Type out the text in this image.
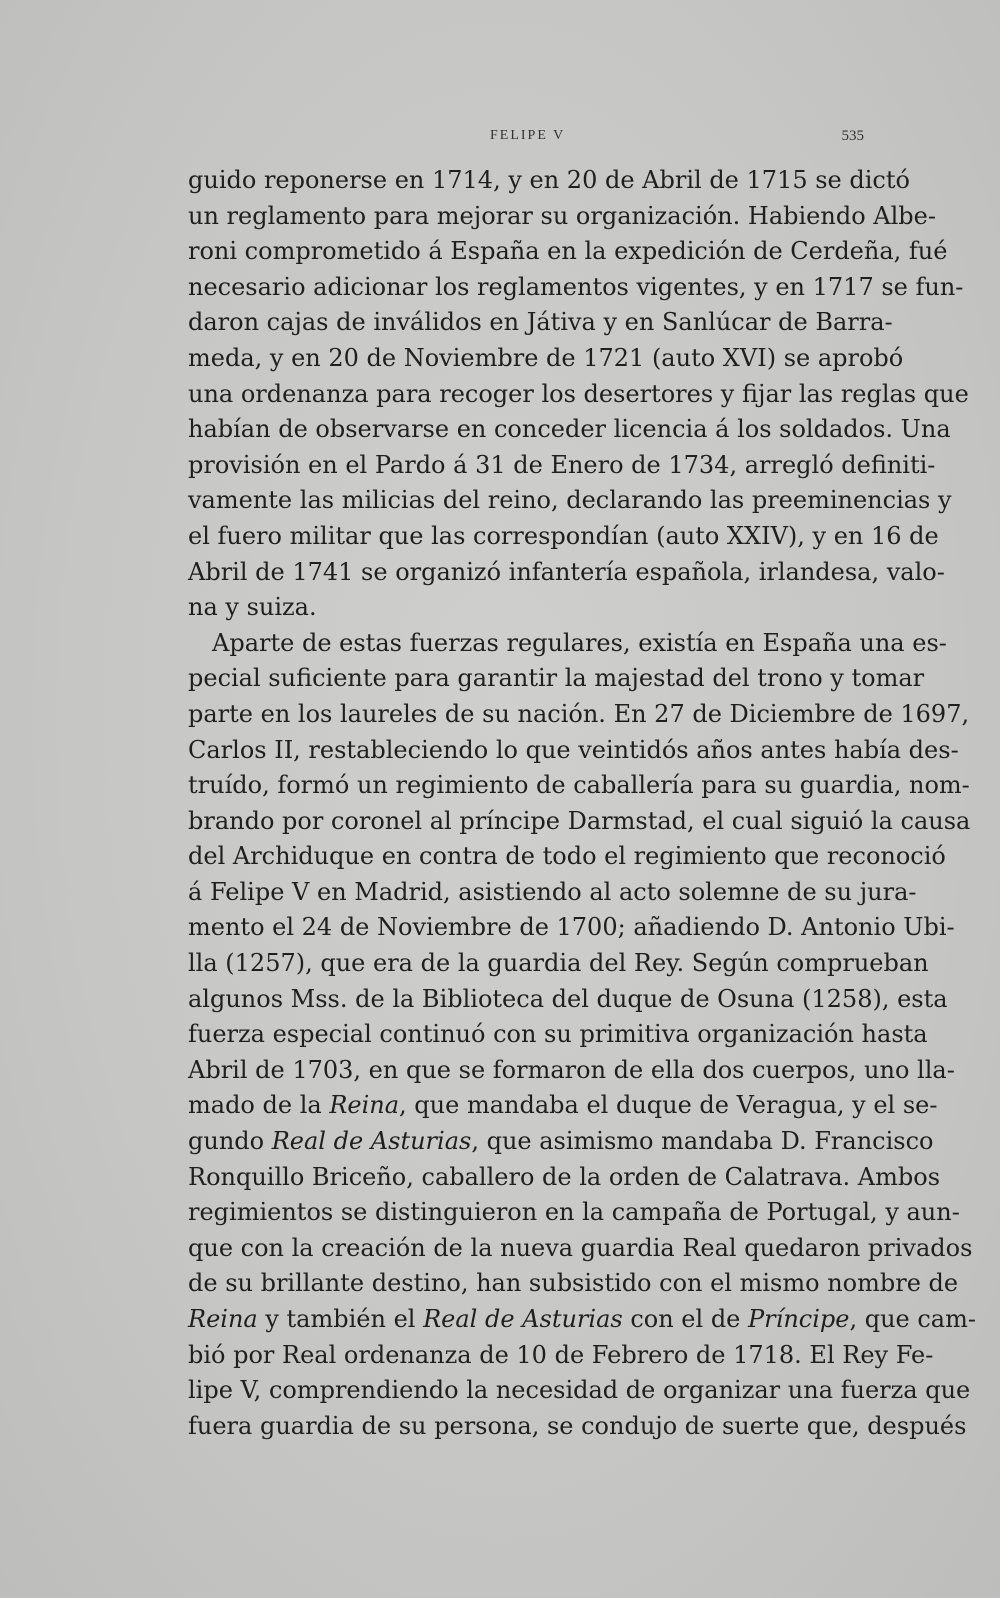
FELIPE V	535
guido reponerse en 1714, y en 20 de Abril de 1715 se dictó
un reglamento para mejorar su organización. Habiendo Albe-
roni comprometido á España en la expedición de Cerdeña, fué
necesario adicionar los reglamentos vigentes, y en 1717 se fun-
daron cajas de inválidos en Játiva y en Sanlúcar de Barra-
meda, y en 20 de Noviembre de 1721 (auto XVI) se aprobó
una ordenanza para recoger los desertores y fijar las reglas que
habían de observarse en conceder licencia á los soldados. Una
provisión en el Pardo á 31 de Enero de 1734, arregló definiti-
vamente las milicias del reino, declarando las preeminencias y
el fuero militar que las correspondían (auto XXIV), y en 16 de
Abril de 1741 se organizó infantería española, irlandesa, valo-
na y suiza.
Aparte de estas fuerzas regulares, existía en España una es-
pecial suficiente para garantir la majestad del trono y tomar
parte en los laureles de su nación. En 27 de Diciembre de 1697,
Carlos II, restableciendo lo que veintidós años antes había des-
truído, formó un regimiento de caballería para su guardia, nom-
brando por coronel al príncipe Darmstad, el cual siguió la causa
del Archiduque en contra de todo el regimiento que reconoció
á Felipe V en Madrid, asistiendo al acto solemne de su jura-
mento el 24 de Noviembre de 1700; añadiendo D. Antonio Ubi-
lla (1257), que era de la guardia del Rey. Según comprueban
algunos Mss. de la Biblioteca del duque de Osuna (1258), esta
fuerza especial continuó con su primitiva organización hasta
Abril de 1703, en que se formaron de ella dos cuerpos, uno lla-
mado de la Reina, que mandaba el duque de Veragua, y el se-
gundo Real de Asturias, que asimismo mandaba D. Francisco
Ronquillo Briceño, caballero de la orden de Calatrava. Ambos
regimientos se distinguieron en la campaña de Portugal, y aun-
que con la creación de la nueva guardia Real quedaron privados
de su brillante destino, han subsistido con el mismo nombre de
Reina y también el Real de Asturias con el de Príncipe, que cam-
bió por Real ordenanza de 10 de Febrero de 1718. El Rey Fe-
lipe V, comprendiendo la necesidad de organizar una fuerza que
fuera guardia de su persona, se condujo de suerte que, después
